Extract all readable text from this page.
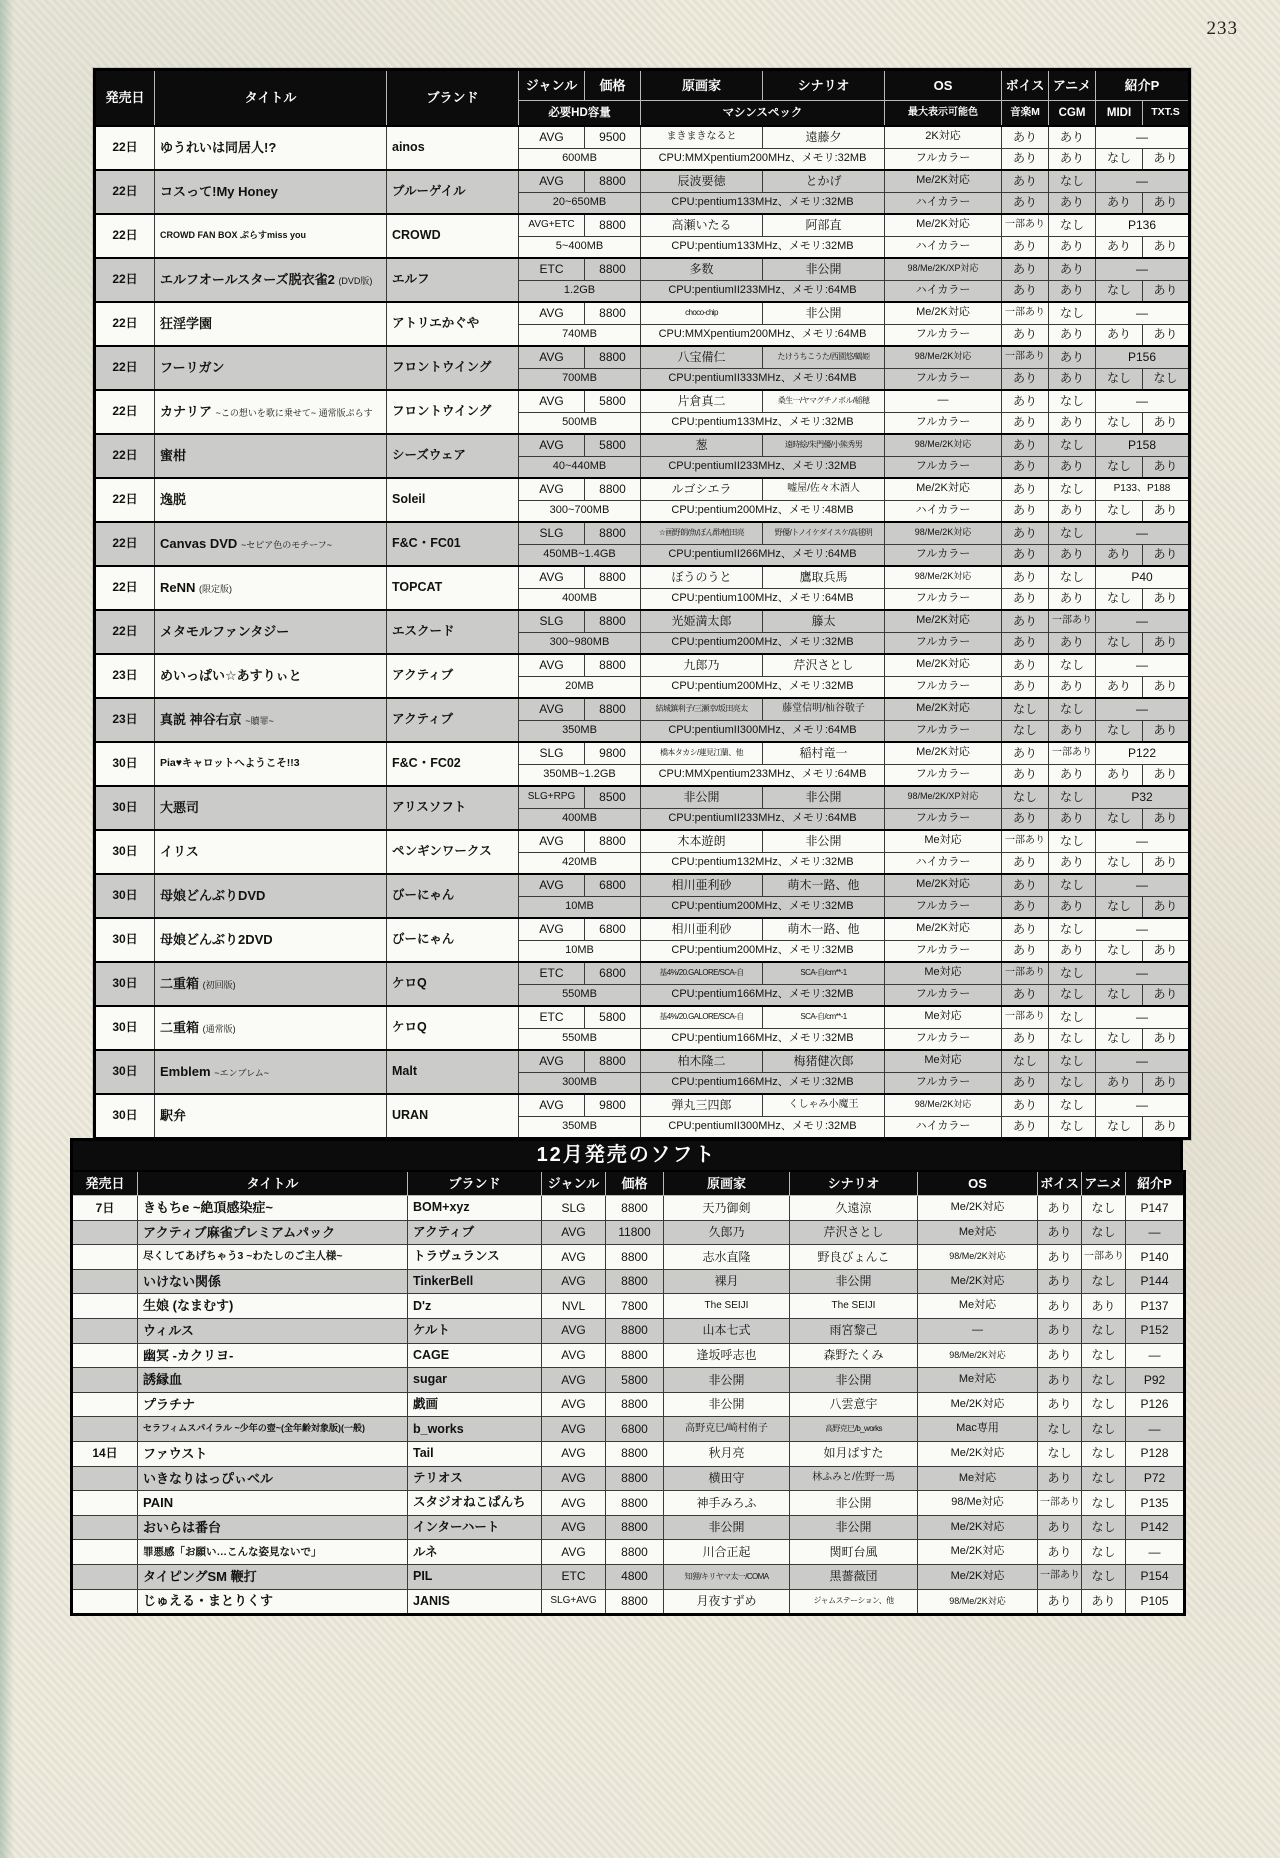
233
発売日	タイトル	ブランド	ジャンル	価格	原画家	シナリオ	OS	ボイス	アニメ	紹介P	
			必要HD容量		マシンスペック		最大表示可能色	音楽M	CGM	MIDI	TXT.S
22日	ゆうれいは同居人!?	ainos	AVG	9500	まきまきなると	遠藤夕	2K対応	あり	あり	―	
			600MB		CPU:MMXpentium200MHz、メモリ:32MB		フルカラー	あり	あり	なし	あり
22日	コスって!My Honey	ブルーゲイル	AVG	8800	辰波要徳	とかげ	Me/2K対応	あり	なし	―	
			20~650MB		CPU:pentium133MHz、メモリ:32MB		ハイカラー	あり	あり	あり	あり
22日	CROWD FAN BOX ぷらすmiss you	CROWD	AVG+ETC	8800	高瀬いたる	阿部直	Me/2K対応	一部あり	なし	P136	
			5~400MB		CPU:pentium133MHz、メモリ:32MB		ハイカラー	あり	あり	あり	あり
22日	エルフオールスターズ脱衣雀2 (DVD版)	エルフ	ETC	8800	多数	非公開	98/Me/2K/XP対応	あり	あり	―	
			1.2GB		CPU:pentiumII233MHz、メモリ:64MB		ハイカラー	あり	あり	なし	あり
22日	狂淫学園	アトリエかぐや	AVG	8800	choco-chip	非公開	Me/2K対応	一部あり	なし	―	
			740MB		CPU:MMXpentium200MHz、メモリ:64MB		フルカラー	あり	あり	あり	あり
22日	フーリガン	フロントウイング	AVG	8800	八宝備仁	たけうちこうた/西園悠/鶴姫	98/Me/2K対応	一部あり	あり	P156	
			700MB		CPU:pentiumII333MHz、メモリ:64MB		フルカラー	あり	あり	なし	なし
22日	カナリア ~この想いを歌に乗せて~ 通常版ぷらす	フロントウイング	AVG	5800	片倉真二	桑生一/ヤマグチノボル/稲穂	―	あり	なし	―	
			500MB		CPU:pentium133MHz、メモリ:32MB		フルカラー	あり	あり	なし	あり
22日	蜜柑	シーズウェア	AVG	5800	葱	遠時絵/朱門優/小熊秀男	98/Me/2K対応	あり	なし	P158	
			40~440MB		CPU:pentiumII233MHz、メモリ:32MB		フルカラー	あり	あり	なし	あり
22日	逸脱	Soleil	AVG	8800	ルゴシエラ	嘘屋/佐々木酒人	Me/2K対応	あり	なし	P133、P188	
			300~700MB		CPU:pentium200MHz、メモリ:48MB		ハイカラー	あり	あり	なし	あり
22日	Canvas DVD ~セピア色のモチーフ~	F&C・FC01	SLG	8800	☆画野朗/魚/ぽん酢/植田亮	野優/トノイケダイスケ/高毬明	98/Me/2K対応	あり	なし	―	
			450MB~1.4GB		CPU:pentiumII266MHz、メモリ:64MB		フルカラー	あり	あり	あり	あり
22日	ReNN (限定版)	TOPCAT	AVG	8800	ぼうのうと	鷹取兵馬	98/Me/2K対応	あり	なし	P40	
			400MB		CPU:pentium100MHz、メモリ:64MB		フルカラー	あり	あり	なし	あり
22日	メタモルファンタジー	エスクード	SLG	8800	光姫満太郎	籐太	Me/2K対応	あり	一部あり	―	
			300~980MB		CPU:pentium200MHz、メモリ:32MB		フルカラー	あり	あり	なし	あり
23日	めいっぱい☆あすりぃと	アクティブ	AVG	8800	九郎乃	芹沢さとし	Me/2K対応	あり	なし	―	
			20MB		CPU:pentium200MHz、メモリ:32MB		フルカラー	あり	あり	あり	あり
23日	真説 神谷右京 ~贖罪~	アクティブ	AVG	8800	結城鎮利子/三瀬幸/坂田亮太	藤堂信明/杣谷敬子	Me/2K対応	なし	なし	―	
			350MB		CPU:pentiumII300MHz、メモリ:64MB		フルカラー	なし	あり	なし	あり
30日	Pia♥キャロットへようこそ!!3	F&C・FC02	SLG	9800	橋本タカシ/蓮見江蘭、他	稲村竜一	Me/2K対応	あり	一部あり	P122	
			350MB~1.2GB		CPU:MMXpentium233MHz、メモリ:64MB		フルカラー	あり	あり	あり	あり
30日	大悪司	アリスソフト	SLG+RPG	8500	非公開	非公開	98/Me/2K/XP対応	なし	なし	P32	
			400MB		CPU:pentiumII233MHz、メモリ:64MB		フルカラー	あり	あり	なし	あり
30日	イリス	ペンギンワークス	AVG	8800	木本遊朗	非公開	Me対応	一部あり	なし	―	
			420MB		CPU:pentium132MHz、メモリ:32MB		ハイカラー	あり	あり	なし	あり
30日	母娘どんぶりDVD	びーにゃん	AVG	6800	相川亜利砂	萌木一路、他	Me/2K対応	あり	なし	―	
			10MB		CPU:pentium200MHz、メモリ:32MB		フルカラー	あり	あり	なし	あり
30日	母娘どんぶり2DVD	びーにゃん	AVG	6800	相川亜利砂	萌木一路、他	Me/2K対応	あり	なし	―	
			10MB		CPU:pentium200MHz、メモリ:32MB		フルカラー	あり	あり	なし	あり
30日	二重箱 (初回版)	ケロQ	ETC	6800	基4%/20.GALORE/SCA-自	SCA-自/cm**-1	Me対応	一部あり	なし	―	
			550MB		CPU:pentium166MHz、メモリ:32MB		フルカラー	あり	なし	なし	あり
30日	二重箱 (通常版)	ケロQ	ETC	5800	基4%/20.GALORE/SCA-自	SCA-自/cm**-1	Me対応	一部あり	なし	―	
			550MB		CPU:pentium166MHz、メモリ:32MB		フルカラー	あり	なし	なし	あり
30日	Emblem ~エンブレム~	Malt	AVG	8800	柏木隆二	梅猪健次郎	Me対応	なし	なし	―	
			300MB		CPU:pentium166MHz、メモリ:32MB		フルカラー	あり	なし	あり	あり
30日	駅弁	URAN	AVG	9800	弾丸三四郎	くしゃみ小魔王	98/Me/2K対応	あり	なし	―	
			350MB		CPU:pentiumII300MHz、メモリ:32MB		ハイカラー	あり	なし	なし	あり
12月発売のソフト
発売日	タイトル	ブランド	ジャンル	価格	原画家	シナリオ	OS	ボイス	アニメ	紹介P
7日	きもちe ~絶頂感染症~	BOM+xyz	SLG	8800	天乃御剣	久遠涼	Me/2K対応	あり	なし	P147
	アクティブ麻雀プレミアムパック	アクティブ	AVG	11800	久郎乃	芹沢さとし	Me対応	あり	なし	―
	尽くしてあげちゃう3 ~わたしのご主人様~	トラヴュランス	AVG	8800	志水直隆	野良びょんこ	98/Me/2K対応	あり	一部あり	P140
	いけない関係	TinkerBell	AVG	8800	裸月	非公開	Me/2K対応	あり	なし	P144
	生娘 (なまむす)	D'z	NVL	7800	The SEIJI	The SEIJI	Me対応	あり	あり	P137
	ウィルス	ケルト	AVG	8800	山本七式	雨宮黎己	―	あり	なし	P152
	幽冥 -カクリヨ-	CAGE	AVG	8800	逢坂呼志也	森野たくみ	98/Me/2K対応	あり	なし	―
	誘縁血	sugar	AVG	5800	非公開	非公開	Me対応	あり	なし	P92
	プラチナ	戯画	AVG	8800	非公開	八雲意宇	Me/2K対応	あり	なし	P126
	セラフィムスパイラル ~少年の壺~(全年齢対象版)(一般)	b_works	AVG	6800	高野克巳/崎村侑子	高野克巳/b_works	Mac専用	なし	なし	―
14日	ファウスト	Tail	AVG	8800	秋月亮	如月ぱすた	Me/2K対応	なし	なし	P128
	いきなりはっぴぃベル	テリオス	AVG	8800	横田守	林ふみと/佐野一馬	Me対応	あり	なし	P72
	PAIN	スタジオねこぱんち	AVG	8800	神手みろふ	非公開	98/Me対応	一部あり	なし	P135
	おいらは番台	インターハート	AVG	8800	非公開	非公開	Me/2K対応	あり	なし	P142
	罪悪感「お願い…こんな姿見ないで」	ルネ	AVG	8800	川合正起	関町台風	Me/2K対応	あり	なし	―
	タイピングSM 鞭打	PIL	ETC	4800	知狸/キリヤマ太一/COMA	黒薔薇団	Me/2K対応	一部あり	なし	P154
	じゅえる・まとりくす	JANIS	SLG+AVG	8800	月夜すずめ	ジャムステーション、他	98/Me/2K対応	あり	あり	P105
